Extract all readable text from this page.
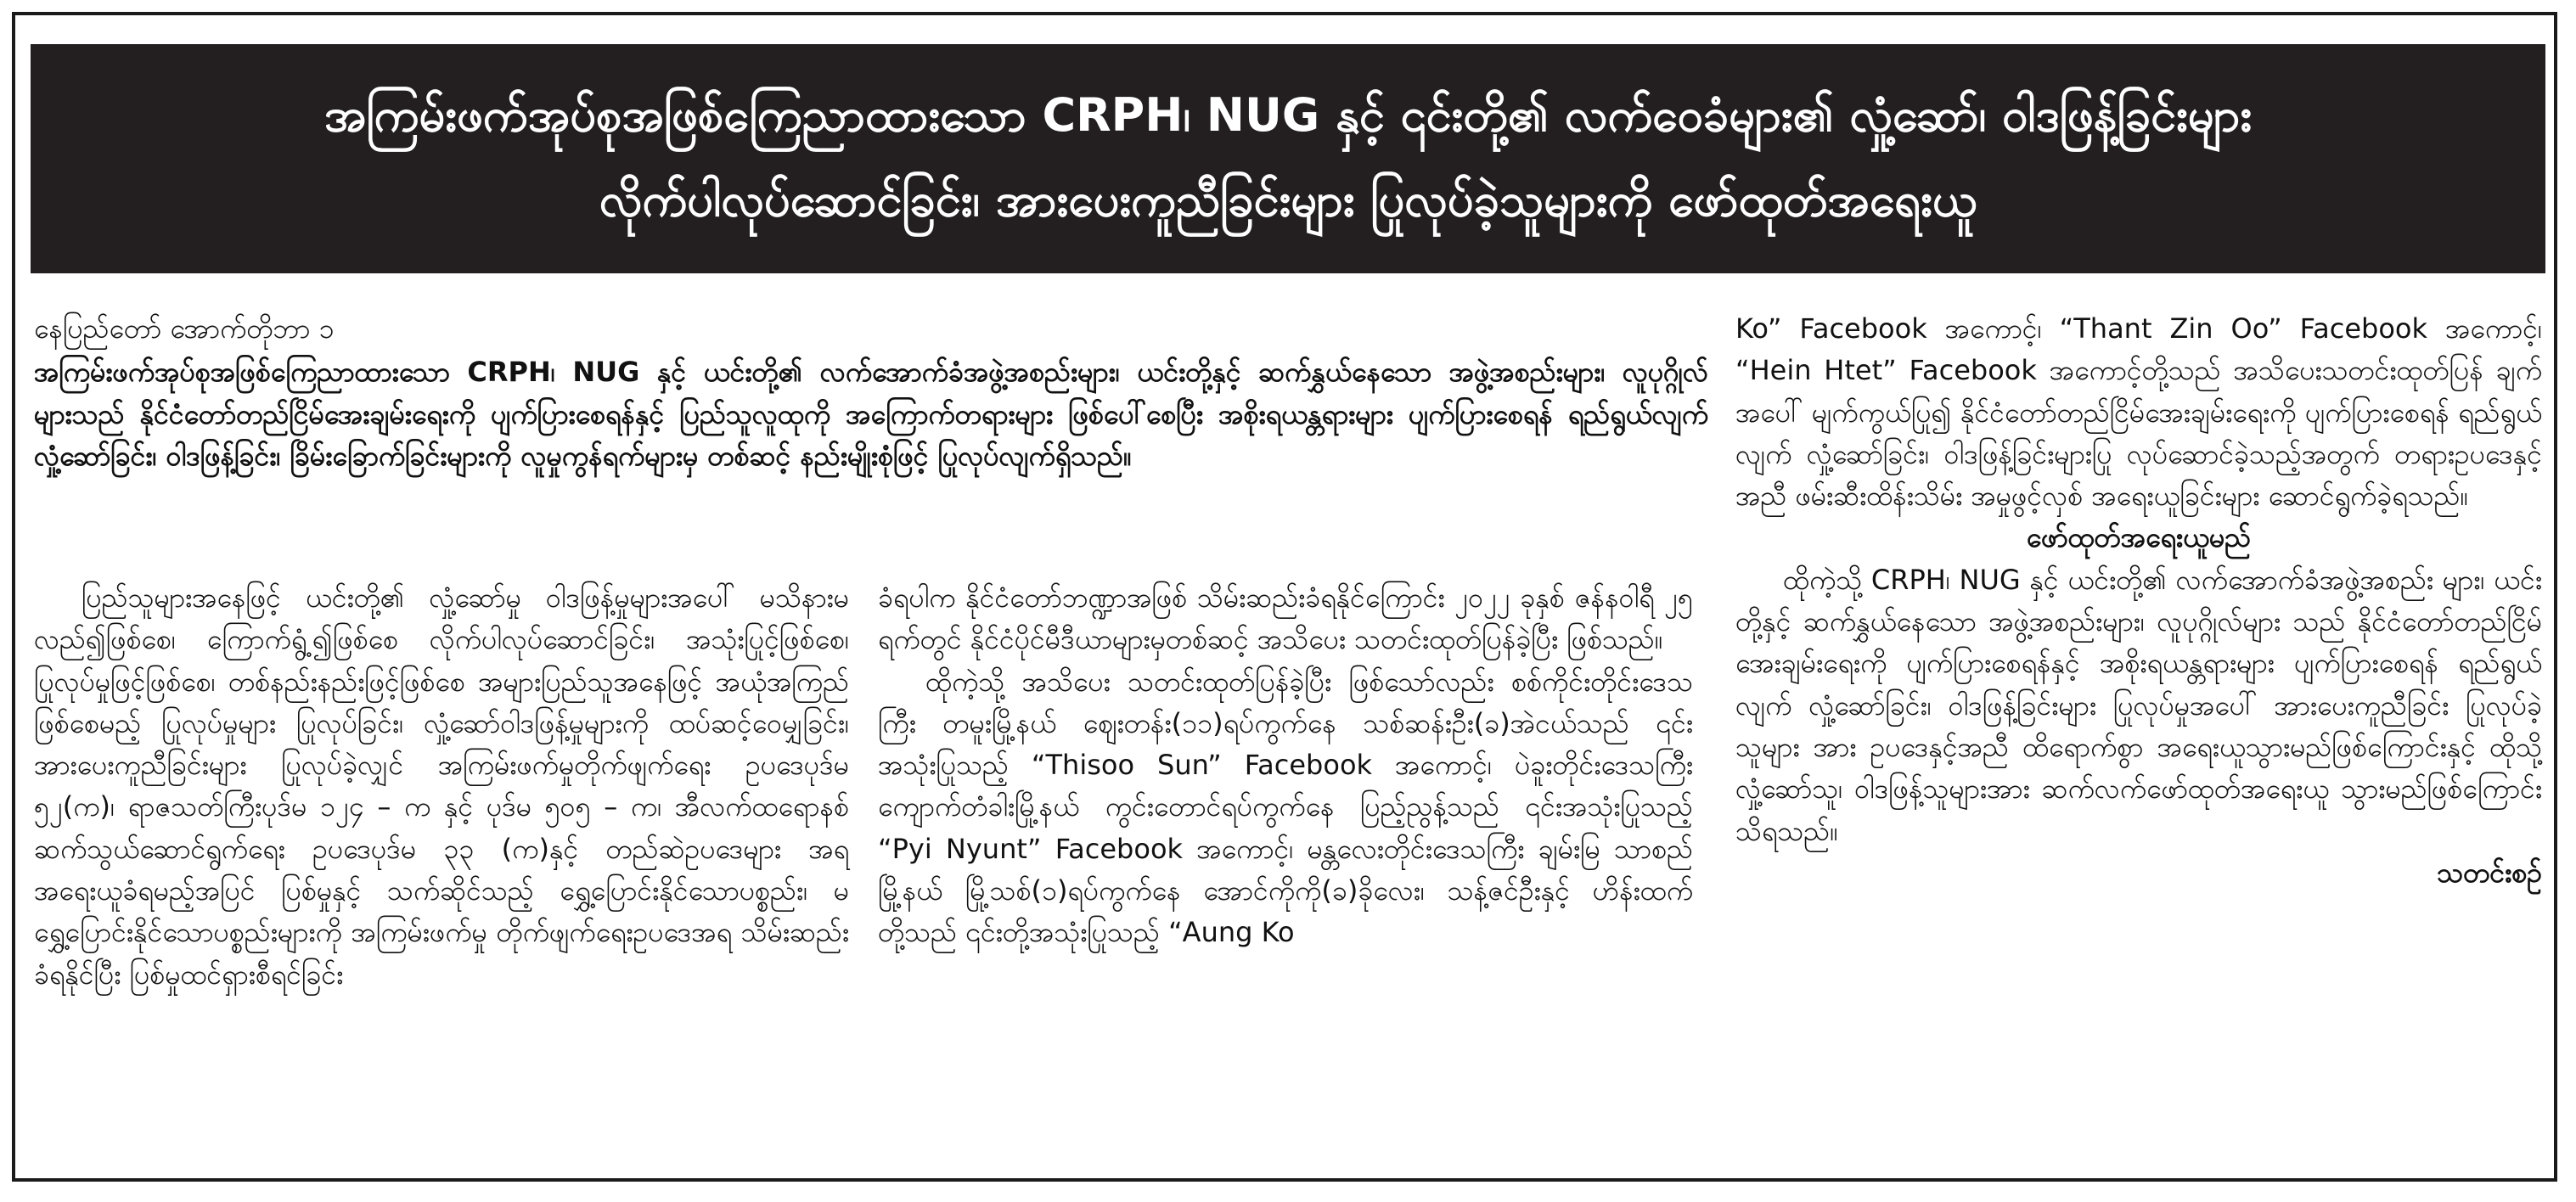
အကြမ်းဖက်အုပ်စုအဖြစ်ကြေညာထားသော CRPH၊ NUG နှင့် ၎င်းတို့၏ လက်ဝေခံများ၏ လှုံ့ဆော်၊ ဝါဒဖြန့်ခြင်းများ
လိုက်ပါလုပ်ဆောင်ခြင်း၊ အားပေးကူညီခြင်းများ ပြုလုပ်ခဲ့သူများကို ဖော်ထုတ်အရေးယူ

နေပြည်တော် အောက်တိုဘာ ၁

အကြမ်းဖက်အုပ်စုအဖြစ်ကြေညာထားသော CRPH၊ NUG နှင့် ယင်းတို့၏ လက်အောက်ခံအဖွဲ့အစည်းများ၊ ယင်းတို့နှင့် ဆက်နွှယ်နေသော အဖွဲ့အစည်းများ၊ လူပုဂ္ဂိုလ်များသည် နိုင်ငံတော်တည်ငြိမ်အေးချမ်းရေးကို ပျက်ပြားစေရန်နှင့် ပြည်သူလူထုကို အကြောက်တရားများ ဖြစ်ပေါ်စေပြီး အစိုးရယန္တရားများ ပျက်ပြားစေရန် ရည်ရွယ်လျက် လှုံ့ဆော်ခြင်း၊ ဝါဒဖြန့်ခြင်း၊ ခြိမ်းခြောက်ခြင်းများကို လူမှုကွန်ရက်များမှ တစ်ဆင့် နည်းမျိုးစုံဖြင့် ပြုလုပ်လျက်ရှိသည်။

ပြည်သူများအနေဖြင့် ယင်းတို့၏ လှုံ့ဆော်မှု ဝါဒဖြန့်မှုများအပေါ် မသိနားမလည်၍ဖြစ်စေ၊ ကြောက်ရွံ့၍ဖြစ်စေ လိုက်ပါလုပ်ဆောင်ခြင်း၊ အသုံးပြုင့်ဖြစ်စေ၊ ပြုလုပ်မှုဖြင့်ဖြစ်စေ၊ တစ်နည်းနည်းဖြင့်ဖြစ်စေ အများပြည်သူအနေဖြင့် အယုံအကြည်ဖြစ်စေမည့် ပြုလုပ်မှုများ ပြုလုပ်ခြင်း၊ လှုံ့ဆော်ဝါဒဖြန့်မှုများကို ထပ်ဆင့်ဝေမျှခြင်း၊ အားပေးကူညီခြင်းများ ပြုလုပ်ခဲ့လျှင် အကြမ်းဖက်မှုတိုက်ဖျက်ရေး ဥပဒေပုဒ်မ ၅၂(က)၊ ရာဇသတ်ကြီးပုဒ်မ ၁၂၄ – က နှင့် ပုဒ်မ ၅၀၅ – က၊ အီလက်ထရောနစ် ဆက်သွယ်ဆောင်ရွက်ရေး ဥပဒေပုဒ်မ ၃၃ (က)နှင့် တည်ဆဲဥပဒေများ အရ အရေးယူခံရမည့်အပြင် ပြစ်မှုနှင့် သက်ဆိုင်သည့် ရွှေ့ပြောင်းနိုင်သောပစ္စည်း၊ မရွှေ့ပြောင်းနိုင်သောပစ္စည်းများကို အကြမ်းဖက်မှု တိုက်ဖျက်ရေးဥပဒေအရ သိမ်းဆည်းခံရနိုင်ပြီး ပြစ်မှုထင်ရှားစီရင်ခြင်း

ခံရပါက နိုင်ငံတော်ဘဏ္ဍာအဖြစ် သိမ်းဆည်းခံရနိုင်ကြောင်း ၂၀၂၂ ခုနှစ် ဇန်နဝါရီ ၂၅ ရက်တွင် နိုင်ငံပိုင်မီဒီယာများမှတစ်ဆင့် အသိပေး သတင်းထုတ်ပြန်ခဲ့ပြီး ဖြစ်သည်။

ထိုကဲ့သို့ အသိပေး သတင်းထုတ်ပြန်ခဲ့ပြီး ဖြစ်သော်လည်း စစ်ကိုင်းတိုင်းဒေသကြီး တမူးမြို့နယ် ဈေးတန်း(၁၁)ရပ်ကွက်နေ သစ်ဆန်းဦး(ခ)အဲငယ်သည် ၎င်းအသုံးပြုသည့် “Thisoo Sun” Facebook အကောင့်၊ ပဲခူးတိုင်းဒေသကြီး ကျောက်တံခါးမြို့နယ် ကွင်းတောင်ရပ်ကွက်နေ ပြည့်ညွန့်သည် ၎င်းအသုံးပြုသည့် “Pyi Nyunt” Facebook အကောင့်၊ မန္တလေးတိုင်းဒေသကြီး ချမ်းမြ သာစည်မြို့နယ် မြို့သစ်(၁)ရပ်ကွက်နေ အောင်ကိုကို(ခ)ခိုလေး၊ သန့်ဇင်ဦးနှင့် ဟိန်းထက်တို့သည် ၎င်းတို့အသုံးပြုသည့် “Aung Ko

Ko” Facebook အကောင့်၊ “Thant Zin Oo” Facebook အကောင့်၊ “Hein Htet” Facebook အကောင့်တို့သည် အသိပေးသတင်းထုတ်ပြန် ချက်အပေါ် မျက်ကွယ်ပြု၍ နိုင်ငံတော်တည်ငြိမ်အေးချမ်းရေးကို ပျက်ပြားစေရန် ရည်ရွယ်လျက် လှုံ့ဆော်ခြင်း၊ ဝါဒဖြန့်ခြင်းများပြု လုပ်ဆောင်ခဲ့သည့်အတွက် တရားဥပဒေနှင့်အညီ ဖမ်းဆီးထိန်းသိမ်း အမှုဖွင့်လှစ် အရေးယူခြင်းများ ဆောင်ရွက်ခဲ့ရသည်။

ဖော်ထုတ်အရေးယူမည်

ထိုကဲ့သို့ CRPH၊ NUG နှင့် ယင်းတို့၏ လက်အောက်ခံအဖွဲ့အစည်း များ၊ ယင်းတို့နှင့် ဆက်နွှယ်နေသော အဖွဲ့အစည်းများ၊ လူပုဂ္ဂိုလ်များ သည် နိုင်ငံတော်တည်ငြိမ်အေးချမ်းရေးကို ပျက်ပြားစေရန်နှင့် အစိုးရယန္တရားများ ပျက်ပြားစေရန် ရည်ရွယ်လျက် လှုံ့ဆော်ခြင်း၊ ဝါဒဖြန့်ခြင်းများ ပြုလုပ်မှုအပေါ် အားပေးကူညီခြင်း ပြုလုပ်ခဲ့သူများ အား ဥပဒေနှင့်အညီ ထိရောက်စွာ အရေးယူသွားမည်ဖြစ်ကြောင်းနှင့် ထိုသို့လှုံ့ဆော်သူ၊ ဝါဒဖြန့်သူများအား ဆက်လက်ဖော်ထုတ်အရေးယူ သွားမည်ဖြစ်ကြောင်း သိရသည်။

သတင်းစဉ်
